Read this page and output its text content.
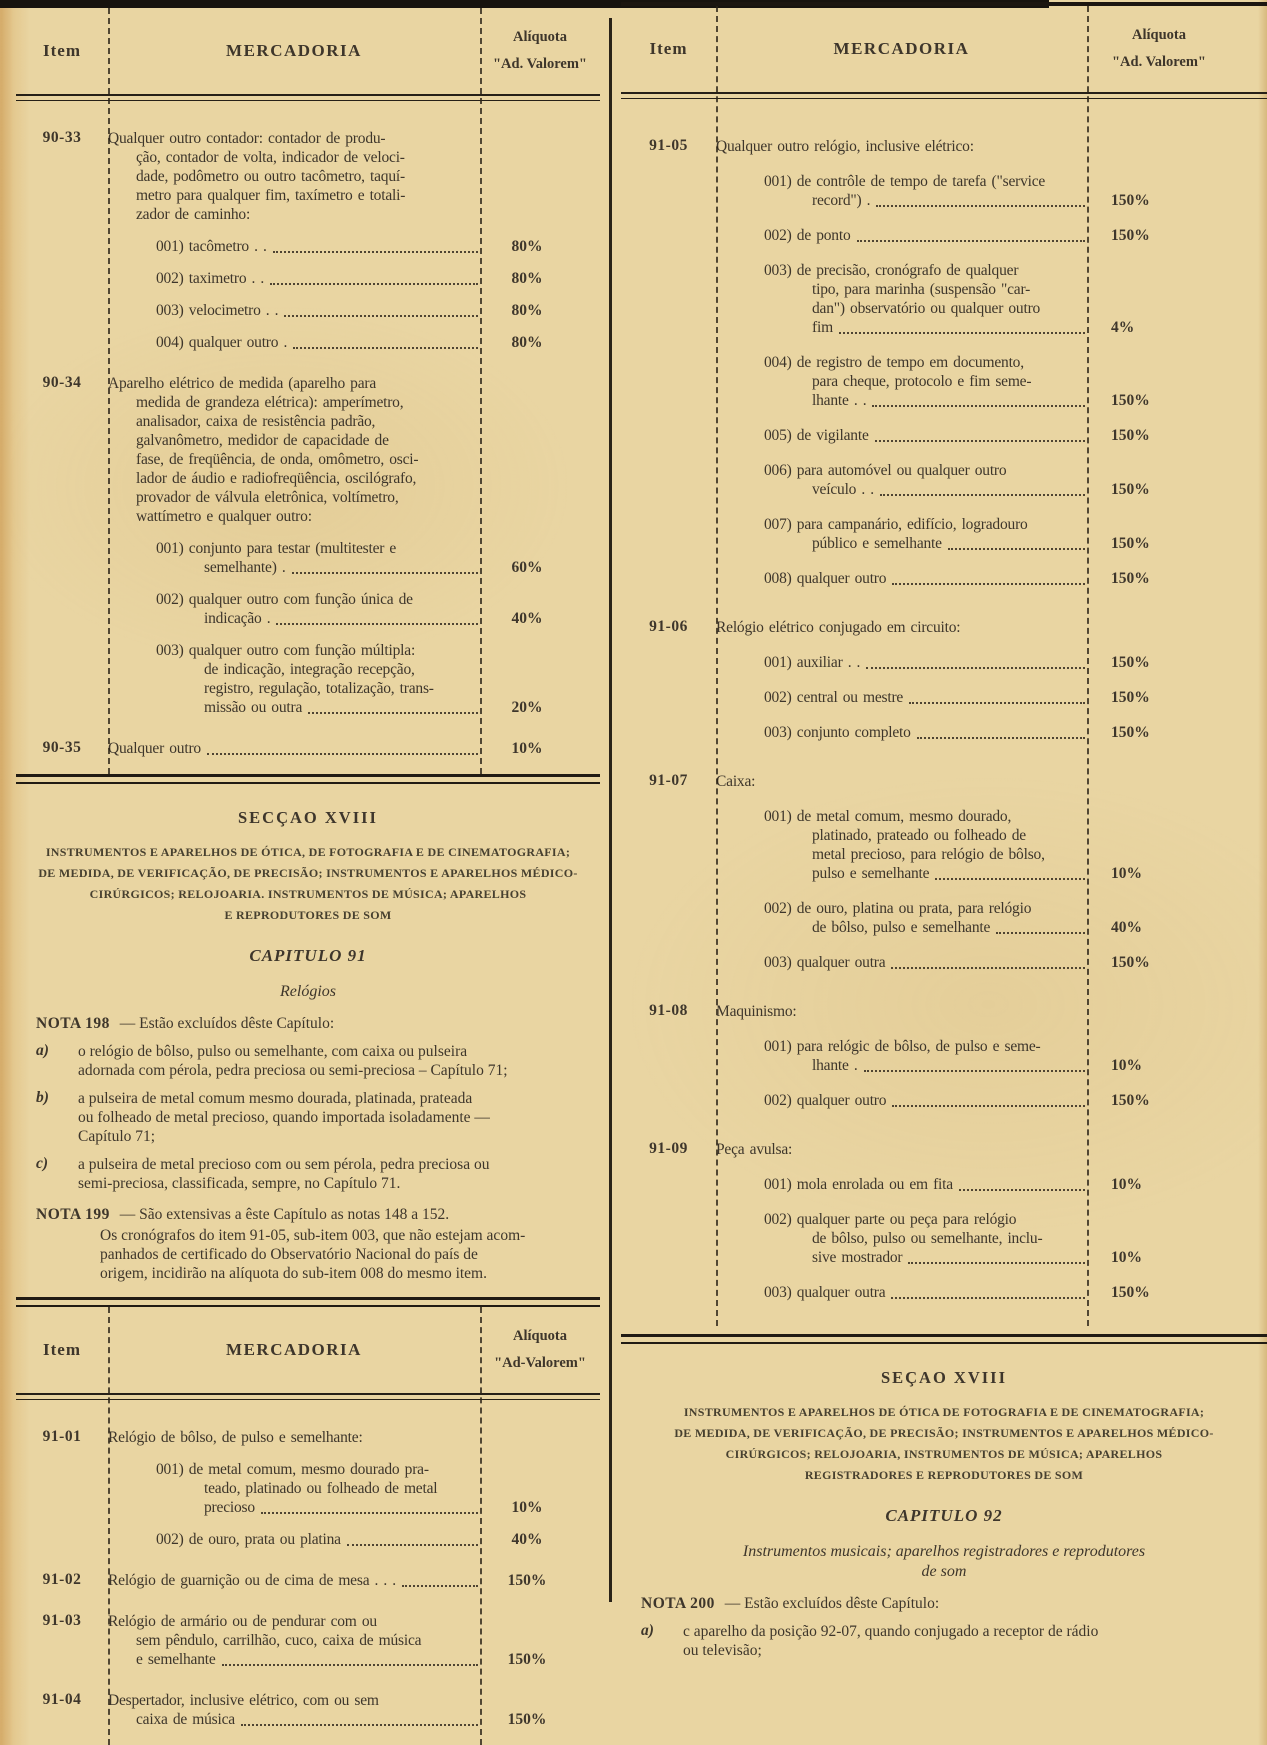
Item	MERCADORIA
Alíquota
"Ad. Valorem"
90-33	Qualquer outro contador: contador de produ-
ção, contador de volta, indicador de veloci-
dade, podômetro ou outro tacômetro, taquí-
metro para qualquer fim, taxímetro e totali-
zador de caminho:
001) tacômetro . .	80%
002) taximetro . .	80%
003) velocimetro . .	80%
004) qualquer outro .	80%
90-34	Aparelho elétrico de medida (aparelho para
medida de grandeza elétrica): amperímetro,
analisador, caixa de resistência padrão,
galvanômetro, medidor de capacidade de
fase, de freqüência, de onda, omômetro, osci-
lador de áudio e radiofreqüência, oscilógrafo,
provador de válvula eletrônica, voltímetro,
wattímetro e qualquer outro:
001) conjunto para testar (multitester e
semelhante) .	60%
002) qualquer outro com função única de
indicação .	40%
003) qualquer outro com função múltipla:
de indicação, integração recepção,
registro, regulação, totalização, trans-
missão ou outra	20%
90-35	Qualquer outro	10%
SECÇAO XVIII
INSTRUMENTOS E APARELHOS DE ÓTICA, DE FOTOGRAFIA E DE CINEMATOGRAFIA;
DE MEDIDA, DE VERIFICAÇÃO, DE PRECISÃO; INSTRUMENTOS E APARELHOS MÉDICO-
CIRÚRGICOS; RELOJOARIA. INSTRUMENTOS DE MÚSICA; APARELHOS
E REPRODUTORES DE SOM
CAPITULO 91
Relógios
NOTA 198 — Estão excluídos dêste Capítulo:
a)	o relógio de bôlso, pulso ou semelhante, com caixa ou pulseira
adornada com pérola, pedra preciosa ou semi-preciosa – Capítulo 71;
b)	a pulseira de metal comum mesmo dourada, platinada, prateada
ou folheado de metal precioso, quando importada isoladamente —
Capítulo 71;
c)	a pulseira de metal precioso com ou sem pérola, pedra preciosa ou
semi-preciosa, classificada, sempre, no Capítulo 71.
NOTA 199 — São extensivas a êste Capítulo as notas 148 a 152.
Os cronógrafos do item 91-05, sub-item 003, que não estejam acom-
panhados de certificado do Observatório Nacional do país de
origem, incidirão na alíquota do sub-item 008 do mesmo item.
Item	MERCADORIA
Alíquota
"Ad-Valorem"
91-01	Relógio de bôlso, de pulso e semelhante:
001) de metal comum, mesmo dourado pra-
teado, platinado ou folheado de metal
precioso	10%
002) de ouro, prata ou platina	40%
91-02	Relógio de guarnição ou de cima de mesa . . .	150%
91-03	Relógio de armário ou de pendurar com ou
sem pêndulo, carrilhão, cuco, caixa de música
e semelhante	150%
91-04	Despertador, inclusive elétrico, com ou sem
caixa de música	150%
Item	MERCADORIA
Alíquota
"Ad. Valorem"
91-05	Qualquer outro relógio, inclusive elétrico:
001) de contrôle de tempo de tarefa ("service
record") .	150%
002) de ponto	150%
003) de precisão, cronógrafo de qualquer
tipo, para marinha (suspensão "car-
dan") observatório ou qualquer outro
fim	4%
004) de registro de tempo em documento,
para cheque, protocolo e fim seme-
lhante . .	150%
005) de vigilante	150%
006) para automóvel ou qualquer outro
veículo . .	150%
007) para campanário, edifício, logradouro
público e semelhante	150%
008) qualquer outro	150%
91-06	Relógio elétrico conjugado em circuito:
001) auxiliar . .	150%
002) central ou mestre	150%
003) conjunto completo	150%
91-07	Caixa:
001) de metal comum, mesmo dourado,
platinado, prateado ou folheado de
metal precioso, para relógio de bôlso,
pulso e semelhante	10%
002) de ouro, platina ou prata, para relógio
de bôlso, pulso e semelhante	40%
003) qualquer outra	150%
91-08	Maquinismo:
001) para relógic de bôlso, de pulso e seme-
lhante .	10%
002) qualquer outro	150%
91-09	Peça avulsa:
001) mola enrolada ou em fita	10%
002) qualquer parte ou peça para relógio
de bôlso, pulso ou semelhante, inclu-
sive mostrador	10%
003) qualquer outra	150%
SEÇAO XVIII
INSTRUMENTOS E APARELHOS DE ÓTICA DE FOTOGRAFIA E DE CINEMATOGRAFIA;
DE MEDIDA, DE VERIFICAÇÃO, DE PRECISÃO; INSTRUMENTOS E APARELHOS MÉDICO-
CIRÚRGICOS; RELOJOARIA, INSTRUMENTOS DE MÚSICA; APARELHOS
REGISTRADORES E REPRODUTORES DE SOM
CAPITULO 92
Instrumentos musicais; aparelhos registradores e reprodutores
de som
NOTA 200 — Estão excluídos dêste Capítulo:
a)	c aparelho da posição 92-07, quando conjugado a receptor de rádio
ou televisão;
